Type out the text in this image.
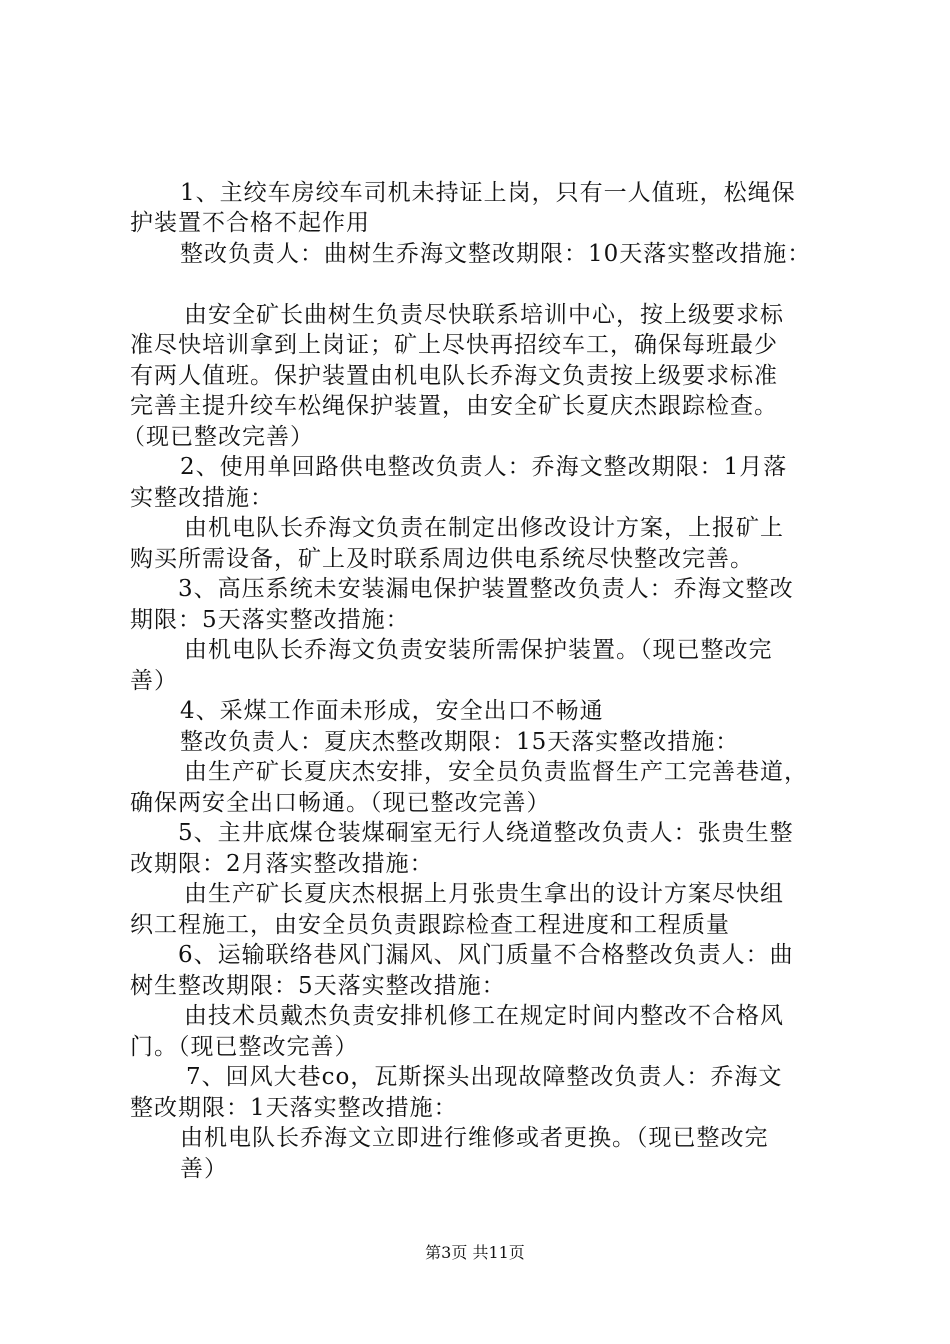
1、主绞车房绞车司机未持证上岗，只有一人值班，松绳保
护装置不合格不起作用
整改负责人：曲树生乔海文整改期限：10天落实整改措施：
由安全矿长曲树生负责尽快联系培训中心，按上级要求标
准尽快培训拿到上岗证；矿上尽快再招绞车工，确保每班最少
有两人值班。保护装置由机电队长乔海文负责按上级要求标准
完善主提升绞车松绳保护装置，由安全矿长夏庆杰跟踪检查。
（现已整改完善）
2、使用单回路供电整改负责人：乔海文整改期限：1月落
实整改措施：
由机电队长乔海文负责在制定出修改设计方案，上报矿上
购买所需设备，矿上及时联系周边供电系统尽快整改完善。
3、高压系统未安装漏电保护装置整改负责人：乔海文整改
期限：5天落实整改措施：
由机电队长乔海文负责安装所需保护装置。（现已整改完
善）
4、采煤工作面未形成，安全出口不畅通
整改负责人：夏庆杰整改期限：15天落实整改措施：
由生产矿长夏庆杰安排，安全员负责监督生产工完善巷道，
确保两安全出口畅通。（现已整改完善）
5、主井底煤仓装煤硐室无行人绕道整改负责人：张贵生整
改期限：2月落实整改措施：
由生产矿长夏庆杰根据上月张贵生拿出的设计方案尽快组
织工程施工，由安全员负责跟踪检查工程进度和工程质量
6、运输联络巷风门漏风、风门质量不合格整改负责人：曲
树生整改期限：5天落实整改措施：
由技术员戴杰负责安排机修工在规定时间内整改不合格风
门。（现已整改完善）
7、回风大巷co，瓦斯探头出现故障整改负责人：乔海文
整改期限：1天落实整改措施：
由机电队长乔海文立即进行维修或者更换。（现已整改完
善）
第3页 共11页
